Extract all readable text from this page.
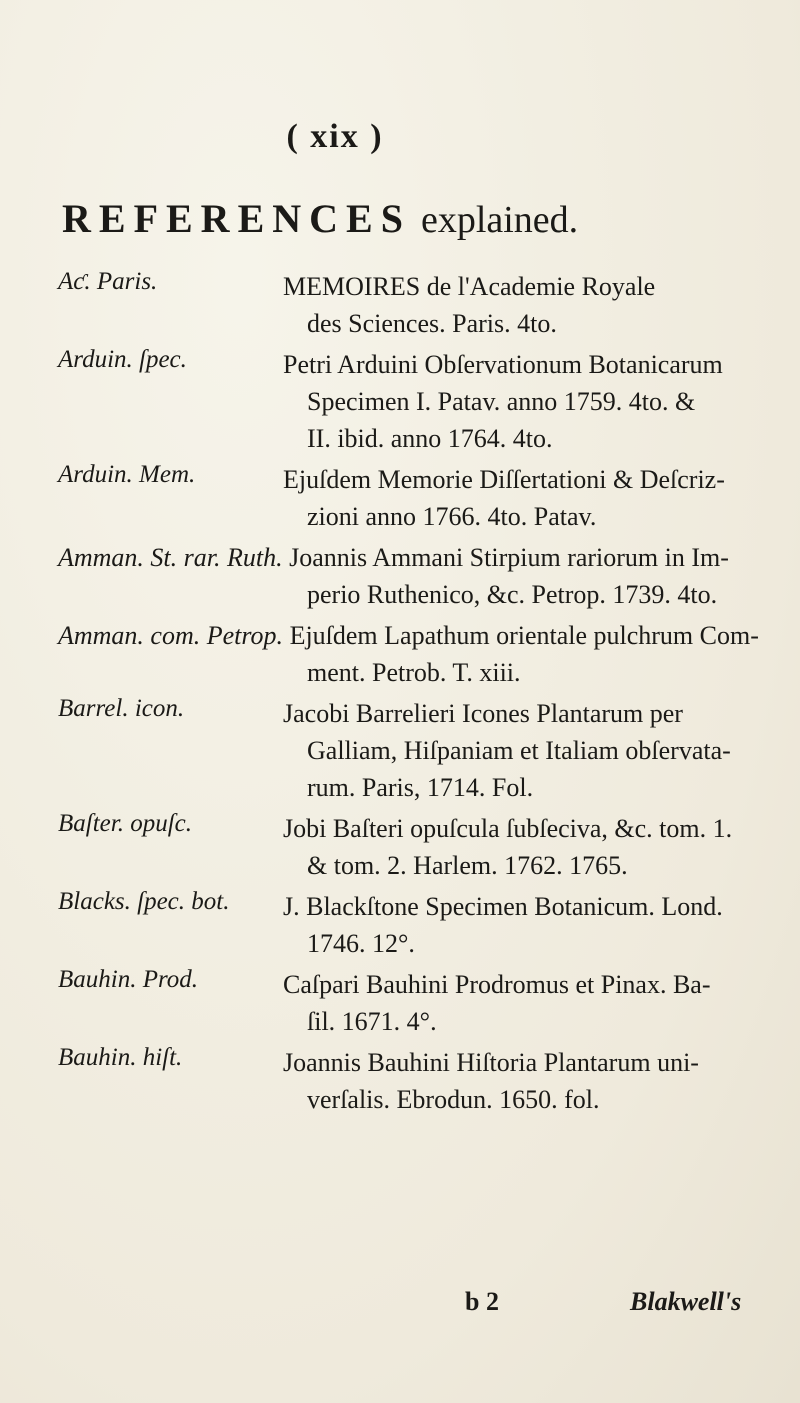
( xix )
REFERENCES explained.
Aƈ. Paris.	MEMOIRES de l'Academie Royale
des Sciences. Paris. 4to.
Arduin. ſpec.	Petri Arduini Obſervationum Botanicarum
Specimen I. Patav. anno 1759. 4to. &
II. ibid. anno 1764. 4to.
Arduin. Mem.	Ejuſdem Memorie Diſſertationi & Deſcriz-
zioni anno 1766. 4to. Patav.
Amman. St. rar. Ruth. Joannis Ammani Stirpium rariorum in Im-
perio Ruthenico, &c. Petrop. 1739. 4to.
Amman. com. Petrop. Ejuſdem Lapathum orientale pulchrum Com-
ment. Petrob. T. xiii.
Barrel. icon.	Jacobi Barrelieri Icones Plantarum per
Galliam, Hiſpaniam et Italiam obſervata-
rum. Paris, 1714. Fol.
Baſter. opuſc.	Jobi Baſteri opuſcula ſubſeciva, &c. tom. 1.
& tom. 2. Harlem. 1762. 1765.
Blacks. ſpec. bot. J. Blackſtone Specimen Botanicum. Lond.
1746. 12°.
Bauhin. Prod.	Caſpari Bauhini Prodromus et Pinax. Ba-
ſil. 1671. 4°.
Bauhin. hiſt.	Joannis Bauhini Hiſtoria Plantarum uni-
verſalis. Ebrodun. 1650. fol.
b 2	Blakwell's
